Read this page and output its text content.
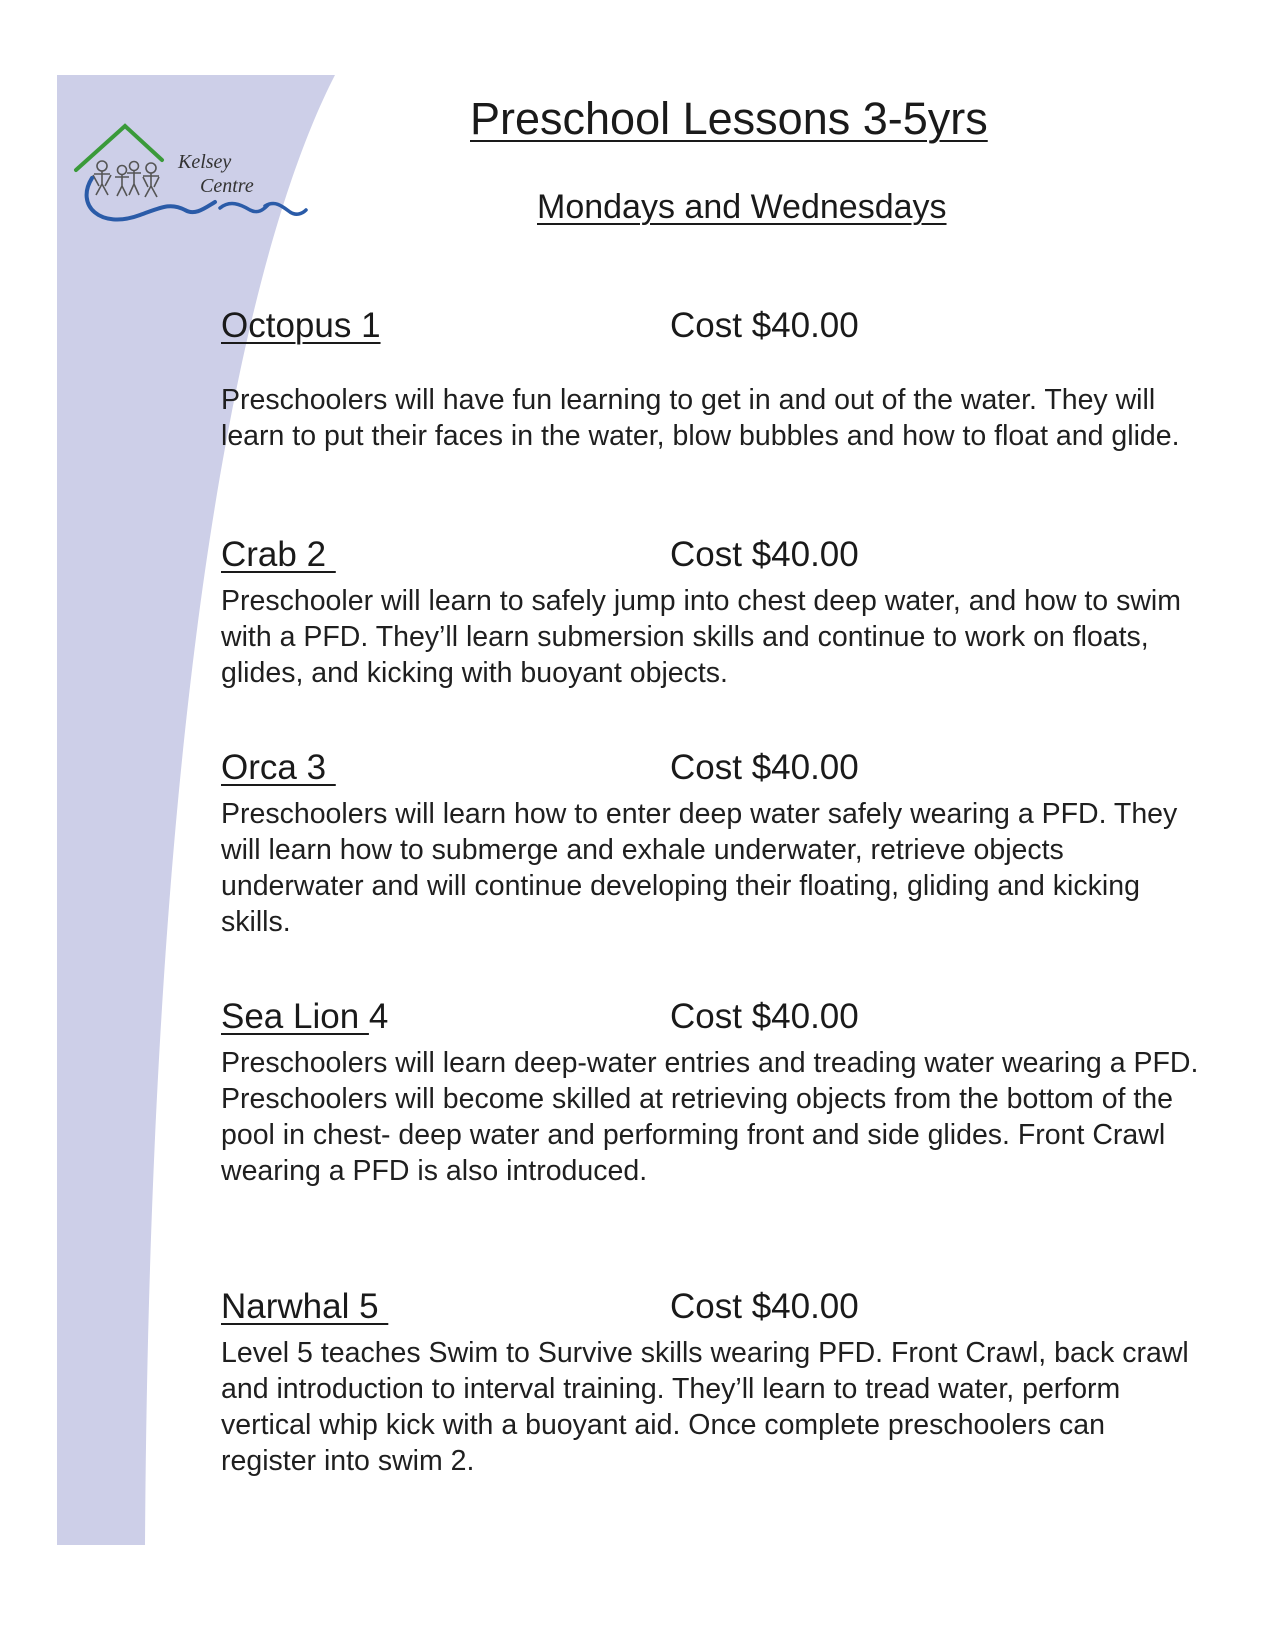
Kelsey
Centre
Preschool Lessons 3-5yrs
Mondays and Wednesdays
Octopus 1	Cost $40.00

Preschoolers will have fun learning to get in and out of the water. They will learn to put their faces in the water, blow bubbles and how to float and glide.

Crab 2	Cost $40.00

Preschooler will learn to safely jump into chest deep water, and how to swim with a PFD. They’ll learn submersion skills and continue to work on floats, glides, and kicking with buoyant objects.

Orca 3	Cost $40.00

Preschoolers will learn how to enter deep water safely wearing a PFD. They will learn how to submerge and exhale underwater, retrieve objects underwater and will continue developing their floating, gliding and kicking skills.

Sea Lion 4	Cost $40.00

Preschoolers will learn deep-water entries and treading water wearing a PFD. Preschoolers will become skilled at retrieving objects from the bottom of the pool in chest- deep water and performing front and side glides. Front Crawl wearing a PFD is also introduced.

Narwhal 5	Cost $40.00

Level 5 teaches Swim to Survive skills wearing PFD. Front Crawl, back crawl and introduction to interval training. They’ll learn to tread water, perform vertical whip kick with a buoyant aid. Once complete preschoolers can register into swim 2.
